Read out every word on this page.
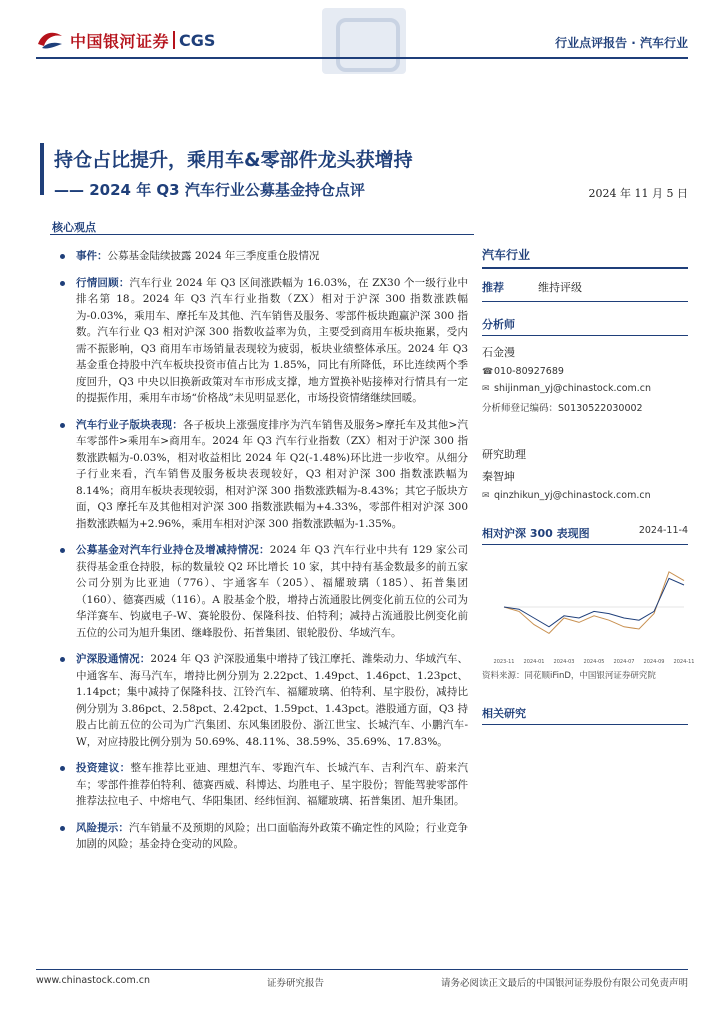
中国银河证券 CGS	行业点评报告 · 汽车行业
持仓占比提升，乘用车&零部件龙头获增持
—— 2024 年 Q3 汽车行业公募基金持仓点评	2024 年 11 月 5 日
核心观点
事件：公募基金陆续披露 2024 年三季度重仓股情况
行情回顾：汽车行业 2024 年 Q3 区间涨跌幅为 16.03%，在 ZX30 个一级行业中排名第 18。2024 年 Q3 汽车行业指数（ZX）相对于沪深 300 指数涨跌幅为-0.03%，乘用车、摩托车及其他、汽车销售及服务、零部件板块跑赢沪深 300 指数。汽车行业 Q3 相对沪深 300 指数收益率为负，主要受到商用车板块拖累，受内需不振影响，Q3 商用车市场销量表现较为疲弱，板块业绩整体承压。2024 年 Q3 基金重仓持股中汽车板块投资市值占比为 1.85%，同比有所降低，环比连续两个季度回升，Q3 中央以旧换新政策对车市形成支撑，地方置换补贴接棒对行情具有一定的提振作用，乘用车市场“价格战”未见明显恶化，市场投资情绪继续回暖。
汽车行业子版块表现：各子板块上涨强度排序为汽车销售及服务>摩托车及其他>汽车零部件>乘用车>商用车。2024 年 Q3 汽车行业指数（ZX）相对于沪深 300 指数涨跌幅为-0.03%，相对收益相比 2024 年 Q2(-1.48%)环比进一步收窄。从细分子行业来看，汽车销售及服务板块表现较好，Q3 相对沪深 300 指数涨跌幅为 8.14%；商用车板块表现较弱，相对沪深 300 指数涨跌幅为-8.43%；其它子版块方面，Q3 摩托车及其他相对沪深 300 指数涨跌幅为+4.33%，零部件相对沪深 300 指数涨跌幅为+2.96%，乘用车相对沪深 300 指数涨跌幅为-1.35%。
公募基金对汽车行业持仓及增减持情况：2024 年 Q3 汽车行业中共有 129 家公司获得基金重仓持股，标的数量较 Q2 环比增长 10 家，其中持有基金数最多的前五家公司分别为比亚迪（776）、宇通客车（205）、福耀玻璃（185）、拓普集团（160）、德赛西威（116）。A 股基金个股，增持占流通股比例变化前五位的公司为华洋赛车、钧崴电子-W、赛轮股份、保隆科技、伯特利；减持占流通股比例变化前五位的公司为旭升集团、继峰股份、拓普集团、银轮股份、华域汽车。
沪深股通情况：2024 年 Q3 沪深股通集中增持了钱江摩托、潍柴动力、华域汽车、中通客车、海马汽车，增持比例分别为 2.22pct、1.49pct、1.46pct、1.23pct、1.14pct；集中减持了保隆科技、江铃汽车、福耀玻璃、伯特利、星宇股份，减持比例分别为 3.86pct、2.58pct、2.42pct、1.59pct、1.43pct。港股通方面，Q3 持股占比前五位的公司为广汽集团、东风集团股份、浙江世宝、长城汽车、小鹏汽车-W，对应持股比例分别为 50.69%、48.11%、38.59%、35.69%、17.83%。
投资建议：整车推荐比亚迪、理想汽车、零跑汽车、长城汽车、吉利汽车、蔚来汽车；零部件推荐伯特利、德赛西威、科博达、均胜电子、星宇股份；智能驾驶零部件推荐法拉电子、中熔电气、华阳集团、经纬恒润、福耀玻璃、拓普集团、旭升集团。
风险提示：汽车销量不及预期的风险；出口面临海外政策不确定性的风险；行业竞争加剧的风险；基金持仓变动的风险。
汽车行业
推荐	维持评级
分析师
石金漫
☎ 010-80927689
✉ shijinman_yj@chinastock.com.cn
分析师登记编码：S0130522030002
研究助理
秦智坤
✉ qinzhikun_yj@chinastock.com.cn
相对沪深 300 表现图	2024-11-4
2023-11 2024-01 2024-03 2024-05 2024-07 2024-09 2024-11
资料来源：同花顺iFinD，中国银河证券研究院
相关研究
www.chinastock.com.cn	证券研究报告	请务必阅读正文最后的中国银河证券股份有限公司免责声明
